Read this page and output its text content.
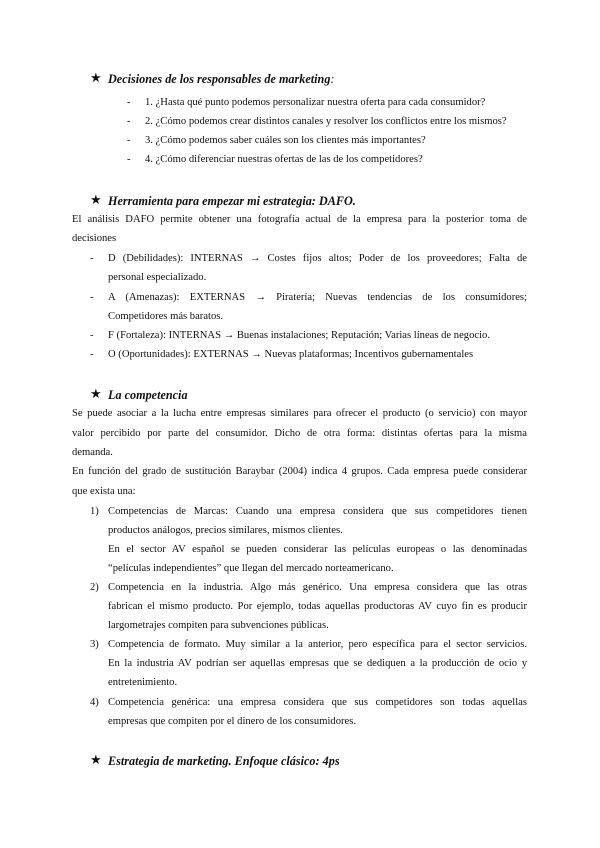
★ Decisiones de los responsables de marketing:
- 1. ¿Hasta qué punto podemos personalizar nuestra oferta para cada consumidor?
- 2. ¿Cómo podemos crear distintos canales y resolver los conflictos entre los mismos?
- 3. ¿Cómo podemos saber cuáles son los clientes más importantes?
- 4. ¿Cómo diferenciar nuestras ofertas de las de los competidores?
★ Herramienta para empezar mi estrategia: DAFO.
El análisis DAFO permite obtener una fotografía actual de la empresa para la posterior toma de
decisiones
- D (Debilidades): INTERNAS → Costes fijos altos; Poder de los proveedores; Falta de
personal especializado.
- A (Amenazas): EXTERNAS → Piratería; Nuevas tendencias de los consumidores;
Competidores más baratos.
- F (Fortaleza): INTERNAS → Buenas instalaciones; Reputación; Varias líneas de negocio.
- O (Oportunidades): EXTERNAS → Nuevas plataformas; Incentivos gubernamentales
★ La competencia
Se puede asociar a la lucha entre empresas similares para ofrecer el producto (o servicio) con mayor
valor percibido por parte del consumidor. Dicho de otra forma: distintas ofertas para la misma
demanda.
En función del grado de sustitución Baraybar (2004) indica 4 grupos. Cada empresa puede considerar
que exista una:
1) Competencias de Marcas: Cuando una empresa considera que sus competidores tienen
productos análogos, precios similares, mismos clientes.
En el sector AV español se pueden considerar las películas europeas o las denominadas
“películas independientes” que llegan del mercado norteamericano.
2) Competencia en la industria. Algo más genérico. Una empresa considera que las otras
fabrican el mismo producto. Por ejemplo, todas aquellas productoras AV cuyo fin es producir
largometrajes compiten para subvenciones públicas.
3) Competencia de formato. Muy similar a la anterior, pero específica para el sector servicios.
En la industria AV podrían ser aquellas empresas que se dediquen a la producción de ocio y
entretenimiento.
4) Competencia genérica: una empresa considera que sus competidores son todas aquellas
empresas que compiten por el dinero de los consumidores.
★ Estrategia de marketing. Enfoque clásico: 4ps
